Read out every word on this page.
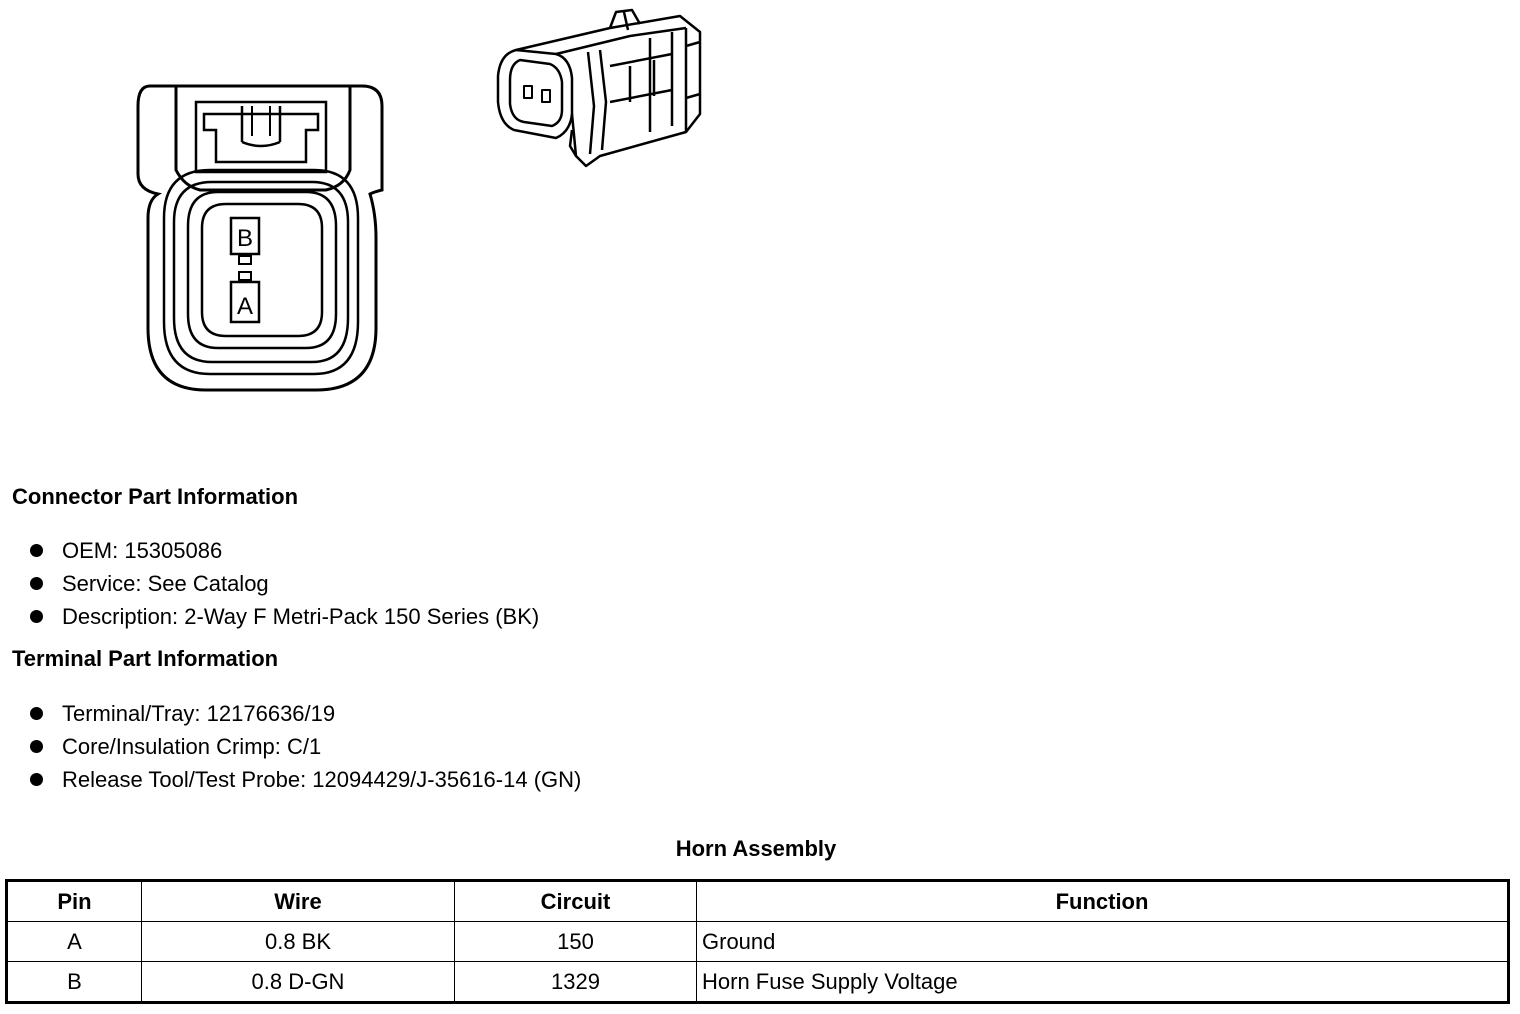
B
A
Connector Part Information
OEM: 15305086
Service: See Catalog
Description: 2-Way F Metri-Pack 150 Series (BK)
Terminal Part Information
Terminal/Tray: 12176636/19
Core/Insulation Crimp: C/1
Release Tool/Test Probe: 12094429/J-35616-14 (GN)
Horn Assembly
Pin	Wire	Circuit	Function
A	0.8 BK	150	Ground
B	0.8 D-GN	1329	Horn Fuse Supply Voltage
